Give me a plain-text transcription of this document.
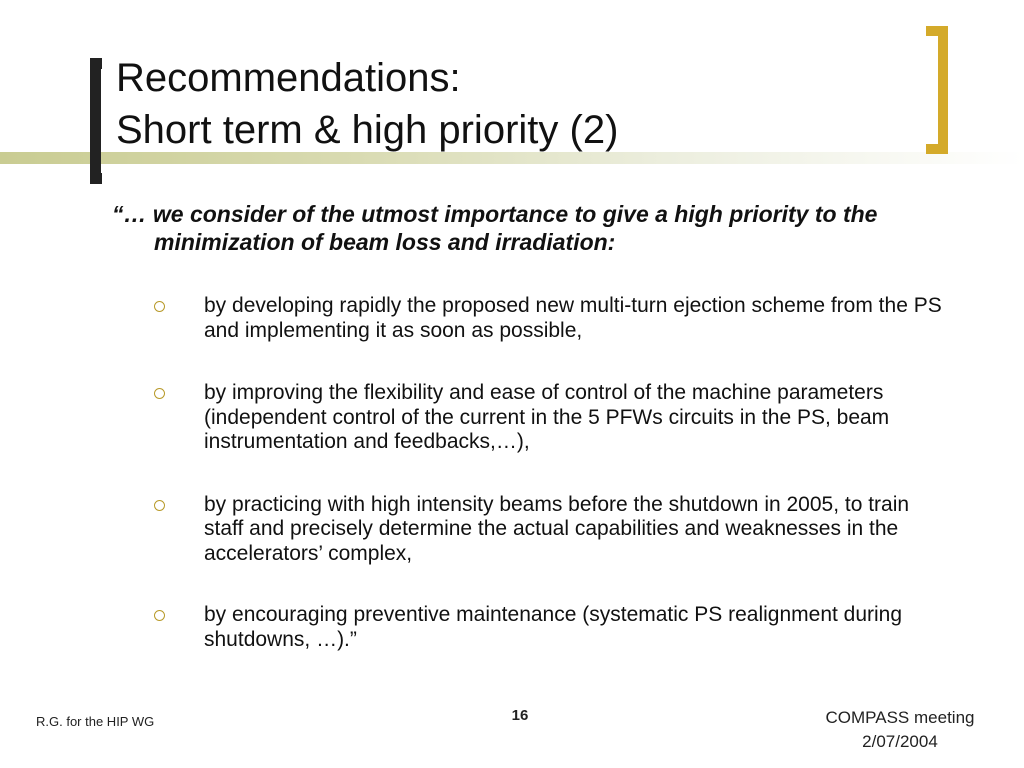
Recommendations:
Short term & high priority (2)

“… we consider of the utmost importance to give a high priority to the minimization of beam loss and irradiation:

by developing rapidly the proposed new multi-turn ejection scheme from the PS and implementing it as soon as possible,
by improving the flexibility and ease of control of the machine parameters (independent control of the current in the 5 PFWs circuits in the PS, beam instrumentation and feedbacks,…),
by practicing with high intensity beams before the shutdown in 2005, to train staff and precisely determine the actual capabilities and weaknesses in the accelerators’ complex,
by encouraging preventive maintenance (systematic PS realignment during shutdowns, …).”
R.G. for the HIP WG	16	COMPASS meeting
2/07/2004
